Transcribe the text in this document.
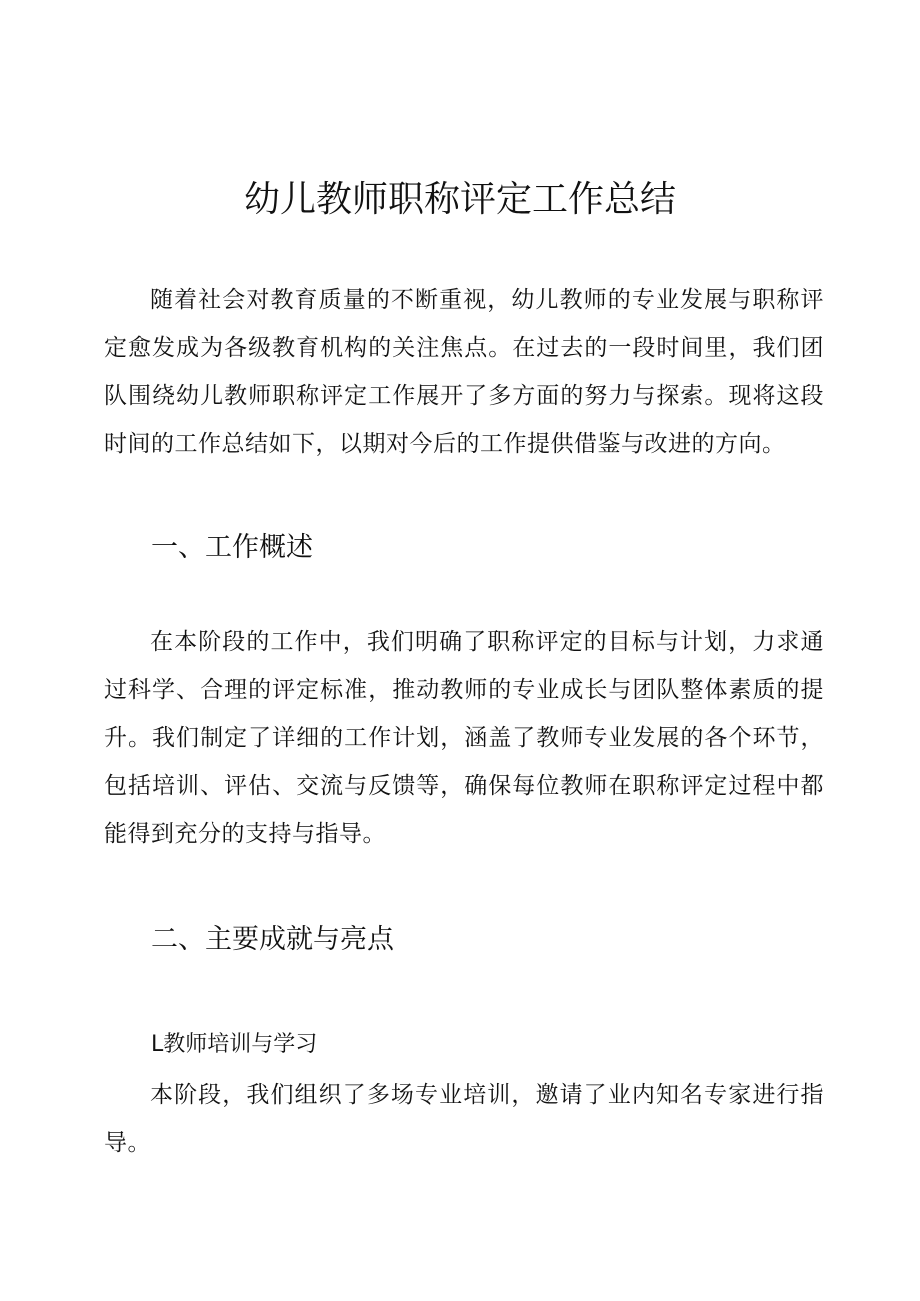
幼儿教师职称评定工作总结

随着社会对教育质量的不断重视，幼儿教师的专业发展与职称评定愈发成为各级教育机构的关注焦点。在过去的一段时间里，我们团队围绕幼儿教师职称评定工作展开了多方面的努力与探索。现将这段时间的工作总结如下，以期对今后的工作提供借鉴与改进的方向。

一、工作概述

在本阶段的工作中，我们明确了职称评定的目标与计划，力求通过科学、合理的评定标准，推动教师的专业成长与团队整体素质的提升。我们制定了详细的工作计划，涵盖了教师专业发展的各个环节，包括培训、评估、交流与反馈等，确保每位教师在职称评定过程中都能得到充分的支持与指导。

二、主要成就与亮点
L教师培训与学习

本阶段，我们组织了多场专业培训，邀请了业内知名专家进行指导。
